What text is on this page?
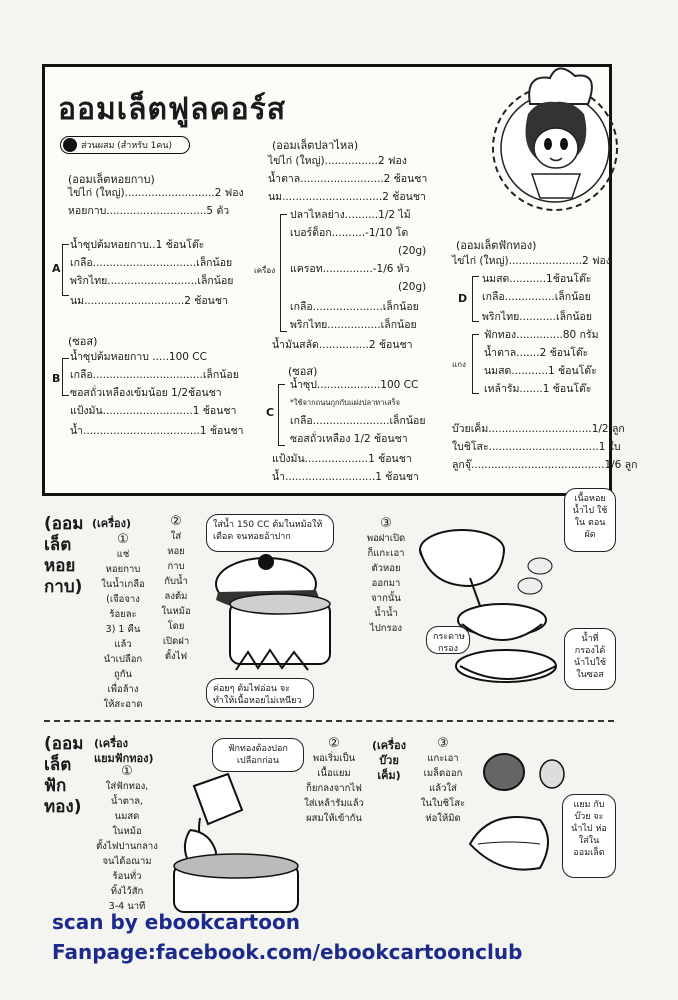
ออมเล็ตฟูลคอร์ส
ส่วนผสม (สำหรับ 1คน)
(ออมเล็ตหอยกาบ)
ไข่ไก่ (ใหญ่)...........................2 ฟอง
หอยกาบ..............................5 ตัว
A
น้ำซุปต้มหอยกาบ..1 ช้อนโต๊ะ
เกลือ...............................เล็กน้อย
พริกไทย...........................เล็กน้อย
นม..............................2 ช้อนชา
(ซอส)
B
น้ำซุปต้มหอยกาบ .....100 CC
เกลือ.................................เล็กน้อย
ซอสถั่วเหลืองเข้มน้อย 1/2ช้อนชา
แป้งมัน...........................1 ช้อนชา
น้ำ...................................1 ช้อนชา
(ออมเล็ตปลาไหล)
ไข่ไก่ (ใหญ่)................2 ฟอง
น้ำตาล.........................2 ช้อนชา
นม..............................2 ช้อนชา
เครื่อง
ปลาไหลย่าง..........1/2 ไม้
เบอร์ด็อก..........-1/10 โต
(20g)
แครอท...............-1/6 หัว
(20g)
เกลือ.....................เล็กน้อย
พริกไทย................เล็กน้อย
น้ำมันสลัด...............2 ช้อนชา
(ซอส)
C
น้ำซุป...................100 CC
*ใช้จากถนนกุกกับแฝงปลาทาเสร็จ
เกลือ.......................เล็กน้อย
ซอสถั่วเหลือง 1/2 ช้อนชา
แป้งมัน...................1 ช้อนชา
น้ำ...........................1 ช้อนชา
(ออมเล็ตฟักทอง)
ไข่ไก่ (ใหญ่)......................2 ฟอง
D
นมสด...........1ช้อนโต๊ะ
เกลือ...............เล็กน้อย
พริกไทย...........เล็กน้อย
แกง
ฟักทอง..............80 กรัม
น้ำตาล.......2 ช้อนโต๊ะ
นมสด...........1 ช้อนโต๊ะ
เหล้ารัม.......1 ช้อนโต๊ะ
บ๊วยเค็ม...............................1/2 ลูก
ใบชิโสะ.................................1 ใบ
ลูกจุ๊........................................1/6 ลูก
(ออม
เล็ต
หอย
กาบ)
(เครื่อง)
①
แช่
หอยกาบ
ในน้ำเกลือ
(เจือจาง
ร้อยละ
3) 1 คืน
แล้ว
นำเปลือก
ถูกัน
เพื่อล้าง
ให้สะอาด
②
ใส่
หอย
กาบ
กับน้ำ
ลงต้ม
ในหม้อ
โดย
เปิดฝา
ตั้งไฟ
ใส่น้ำ 150 CC ต้มในหม้อให้เดือด จนหอยอ้าปาก
ค่อยๆ ต้มไฟอ่อน จะทำให้เนื้อหอยไม่เหนียว
③
พอฝาเปิด
ก็แกะเอา
ตัวหอย
ออกมา
จากนั้น
น้ำน้ำ
ไปกรอง
เนื้อหอย น้ำไป ใช้ใน ตอนผัด
กระดาษ กรอง
น้ำที่ กรองได้ นำไปใช้ ในซอส
(ออม
เล็ต
ฟัก
ทอง)
(เครื่อง
แยมฟักทอง)
①
ใส่ฟักทอง,
น้ำตาล,
นมสด
ในหม้อ
ตั้งไฟปานกลาง
จนได้อณาม
ร้อนทั่ว
ทิ้งไว้สัก
3-4 นาที
ฟักทองต้องปอกเปลือกก่อน
②
พอเริ่มเป็น
เนื้อแยม
ก็ยกลงจากไฟ
ใส่เหล้ารัมแล้ว
ผสมให้เข้ากัน
(เครื่อง
บ๊วย
เค็ม)
③
แกะเอา
เมล็ดออก
แล้วใส่
ในใบชิโสะ
ห่อให้มิด
แยม กับบ๊วย จะนำไป ห่อใส่ใน ออมเล็ต
scan by ebookcartoon
Fanpage:facebook.com/ebookcartoonclub
